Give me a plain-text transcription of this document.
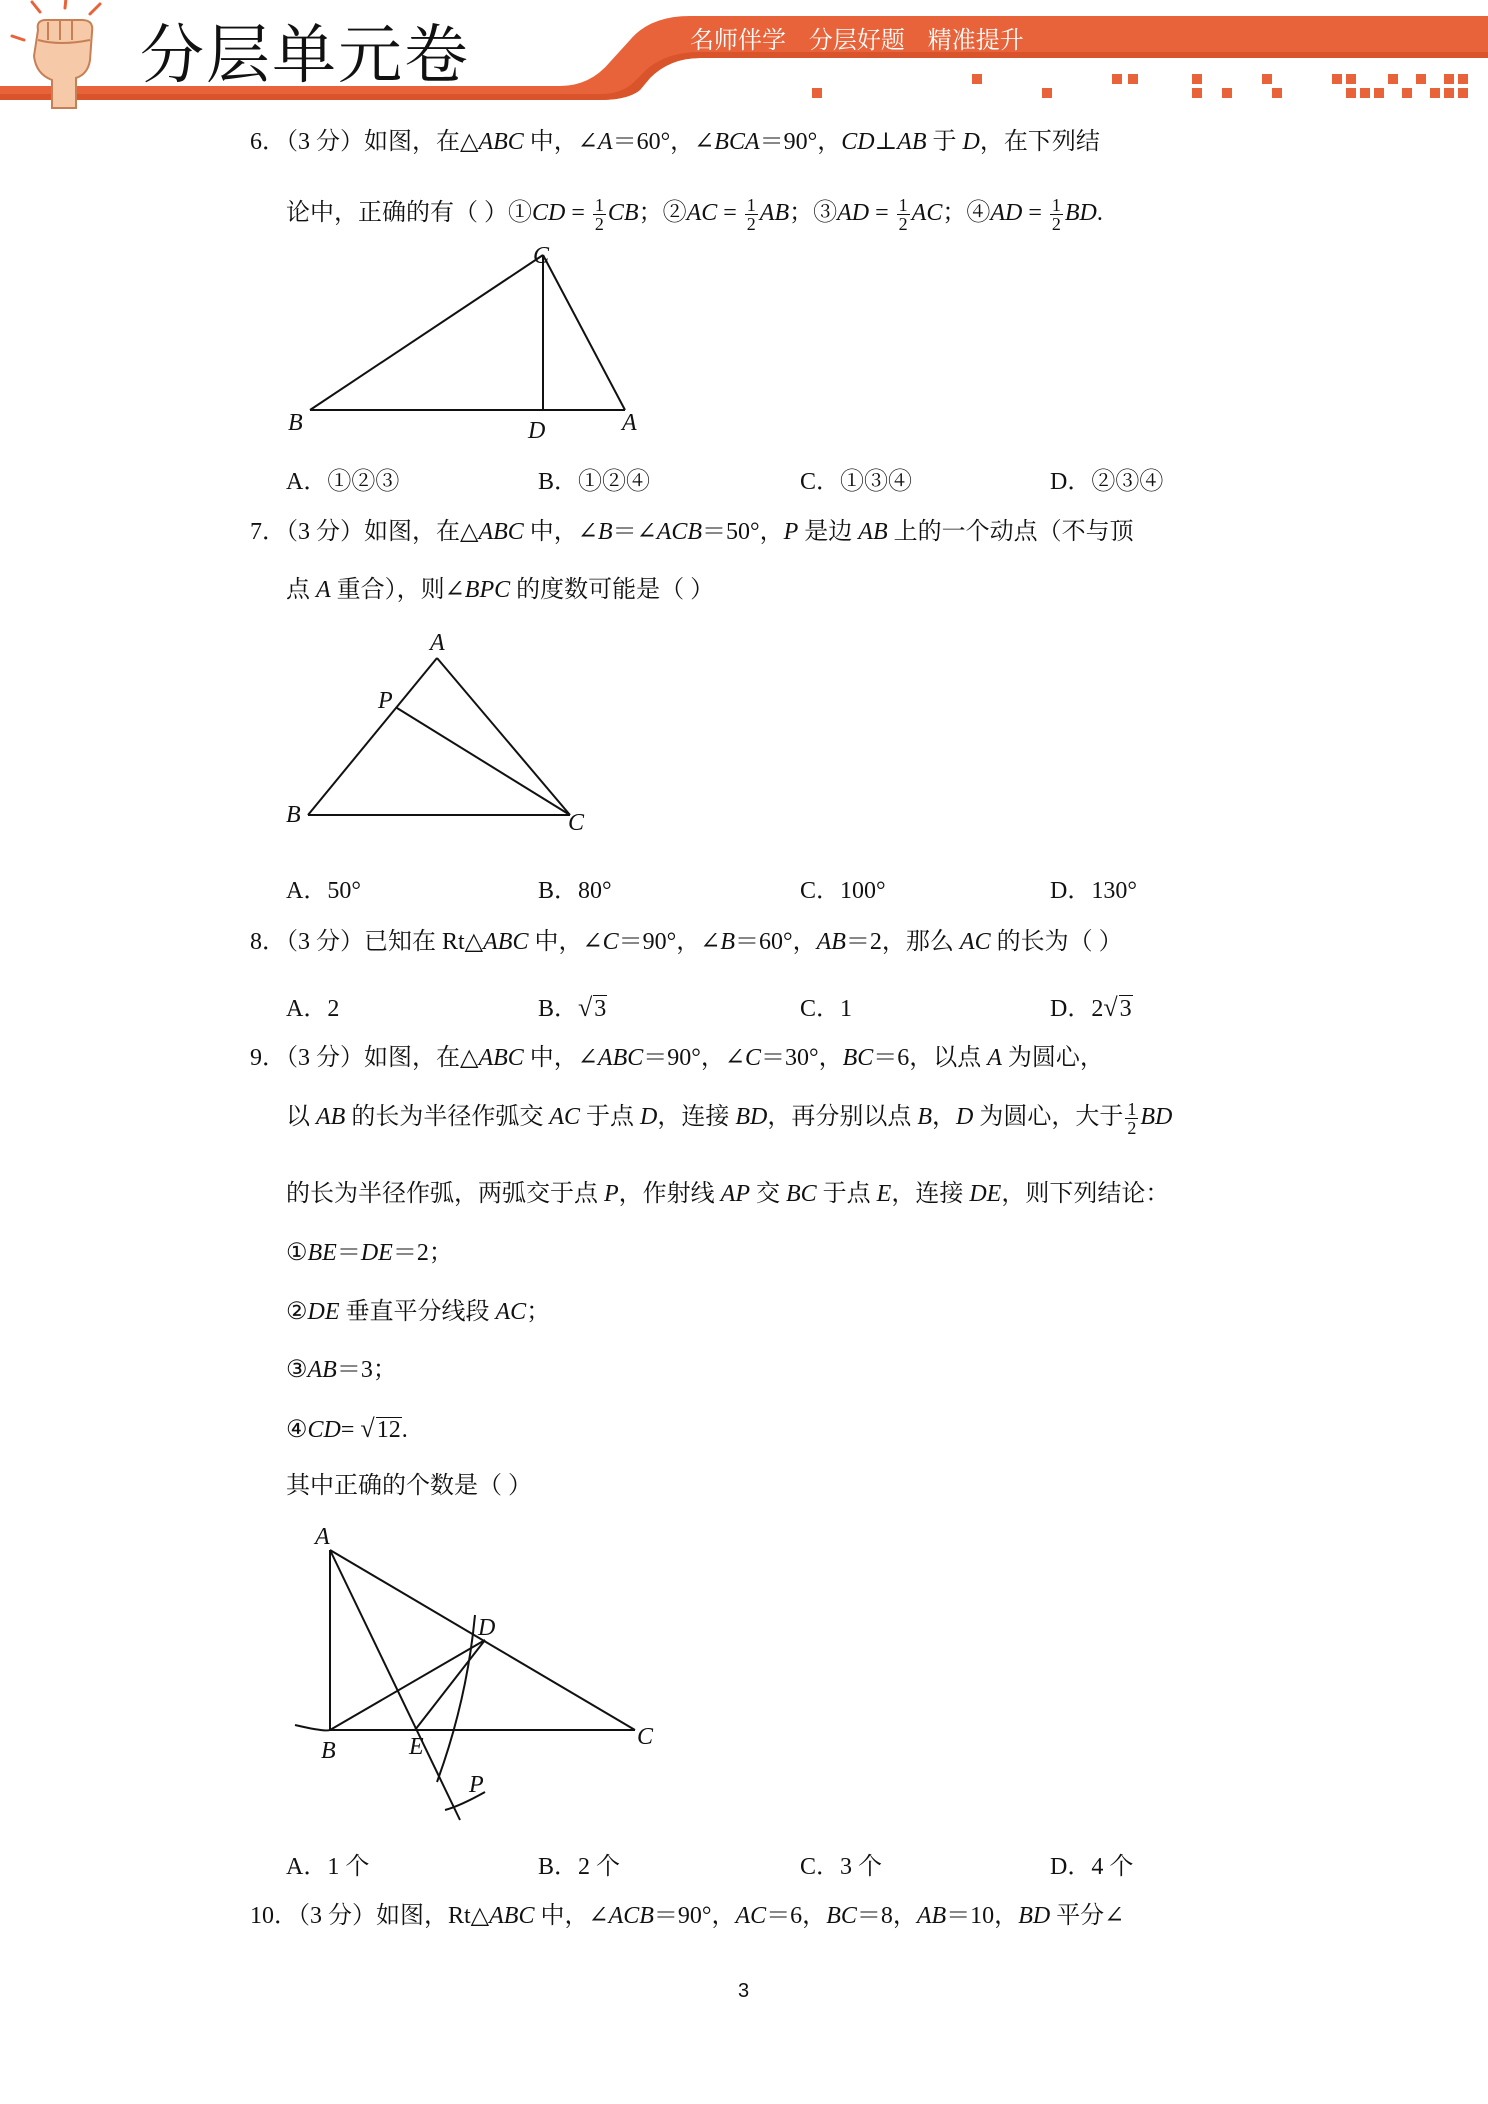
分层单元卷	名师伴学   分层好题   精准提升
6．（3 分）如图，在△ABC 中，∠A＝60°，∠BCA＝90°，CD⊥AB 于 D，在下列结
论中，正确的有（ ）①CD = $\frac{1}{2}$ CB；②AC = $\frac{1}{2}$ AB；③AD = $\frac{1}{2}$ AC；④AD = $\frac{1}{2}$ BD.
C
B	D	A
A．①②③	B．①②④	C．①③④	D．②③④
7．（3 分）如图，在△ABC 中，∠B＝∠ACB＝50°，P 是边 AB 上的一个动点（不与顶
点 A 重合），则∠BPC 的度数可能是（ ）
A
P
B	C
A．50°	B．80°	C．100°	D．130°
8．（3 分）已知在 Rt△ABC 中，∠C＝90°，∠B＝60°，AB＝2，那么 AC 的长为（ ）
A．2	B．√3	C．1	D．2√3
9．（3 分）如图，在△ABC 中，∠ABC＝90°，∠C＝30°，BC＝6，以点 A 为圆心，
以 AB 的长为半径作弧交 AC 于点 D，连接 BD，再分别以点 B，D 为圆心，大于 $\frac{1}{2}$ BD
的长为半径作弧，两弧交于点 P，作射线 AP 交 BC 于点 E，连接 DE，则下列结论：
①BE＝DE＝2；
②DE 垂直平分线段 AC；
③AB＝3；
④CD= √12.
其中正确的个数是（ ）
A
D
B	E	C
P
A．1 个	B．2 个	C．3 个	D．4 个
10．（3 分）如图，Rt△ABC 中，∠ACB＝90°，AC＝6，BC＝8，AB＝10，BD 平分∠
3
